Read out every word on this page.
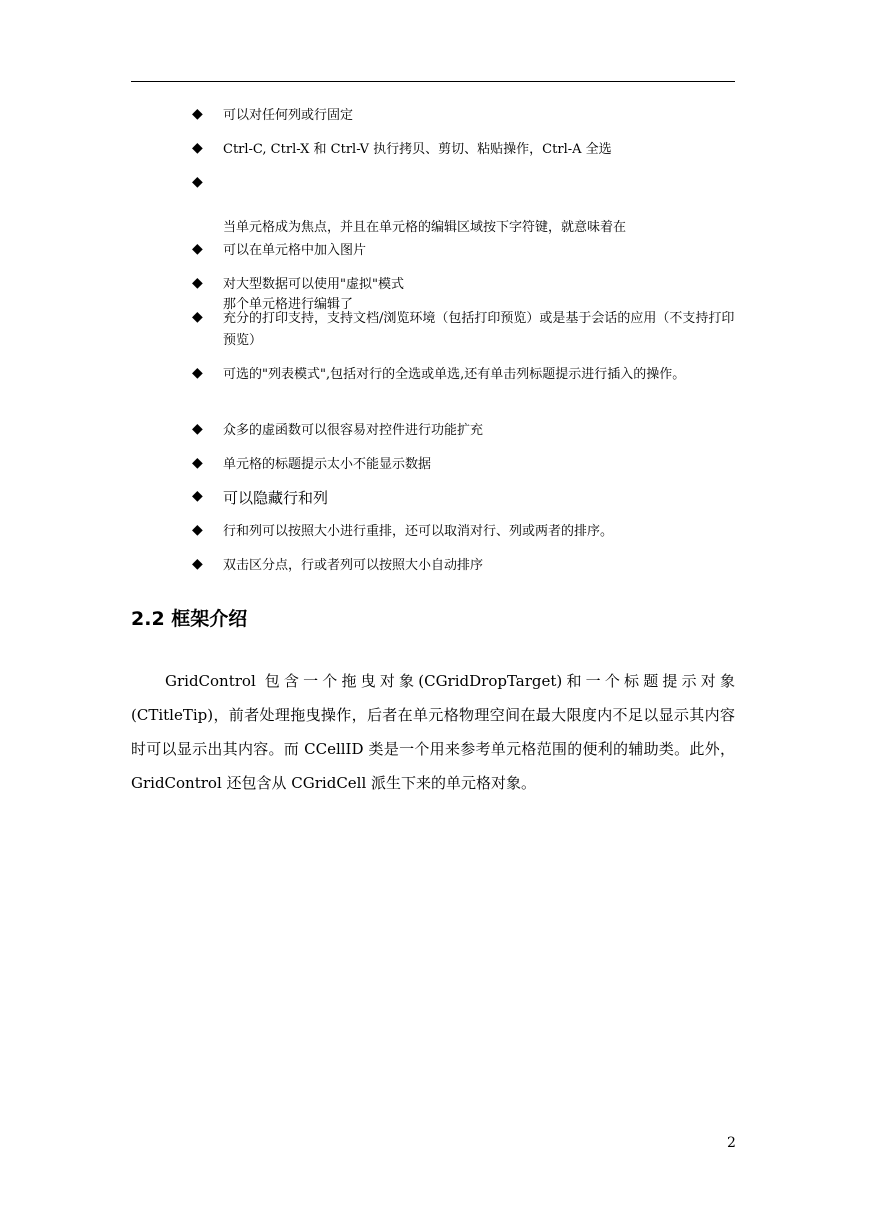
◆ 可以对任何列或行固定
◆ Ctrl-C, Ctrl-X 和 Ctrl-V 执行拷贝、剪切、粘贴操作，Ctrl-A 全选
◆

当单元格成为焦点，并且在单元格的编辑区域按下字符键，就意味着在

那个单元格进行编辑了

◆ 可以在单元格中加入图片
◆ 对大型数据可以使用"虚拟"模式
◆ 充分的打印支持，支持文档/浏览环境（包括打印预览）或是基于会话的应用（不支持打印预览）
◆ 可选的"列表模式",包括对行的全选或单选,还有单击列标题提示进行插入的操作。
◆ 众多的虚函数可以很容易对控件进行功能扩充
◆ 单元格的标题提示太小不能显示数据
◆ 可以隐藏行和列
◆ 行和列可以按照大小进行重排，还可以取消对行、列或两者的排序。
◆ 双击区分点，行或者列可以按照大小自动排序
2.2 框架介绍

GridControl 包含一个拖曳对象(CGridDropTarget)和一个标题提示对象(CTitleTip)，前者处理拖曳操作，后者在单元格物理空间在最大限度内不足以显示其内容时可以显示出其内容。而 CCellID 类是一个用来参考单元格范围的便利的辅助类。此外，GridControl 还包含从 CGridCell 派生下来的单元格对象。

2
